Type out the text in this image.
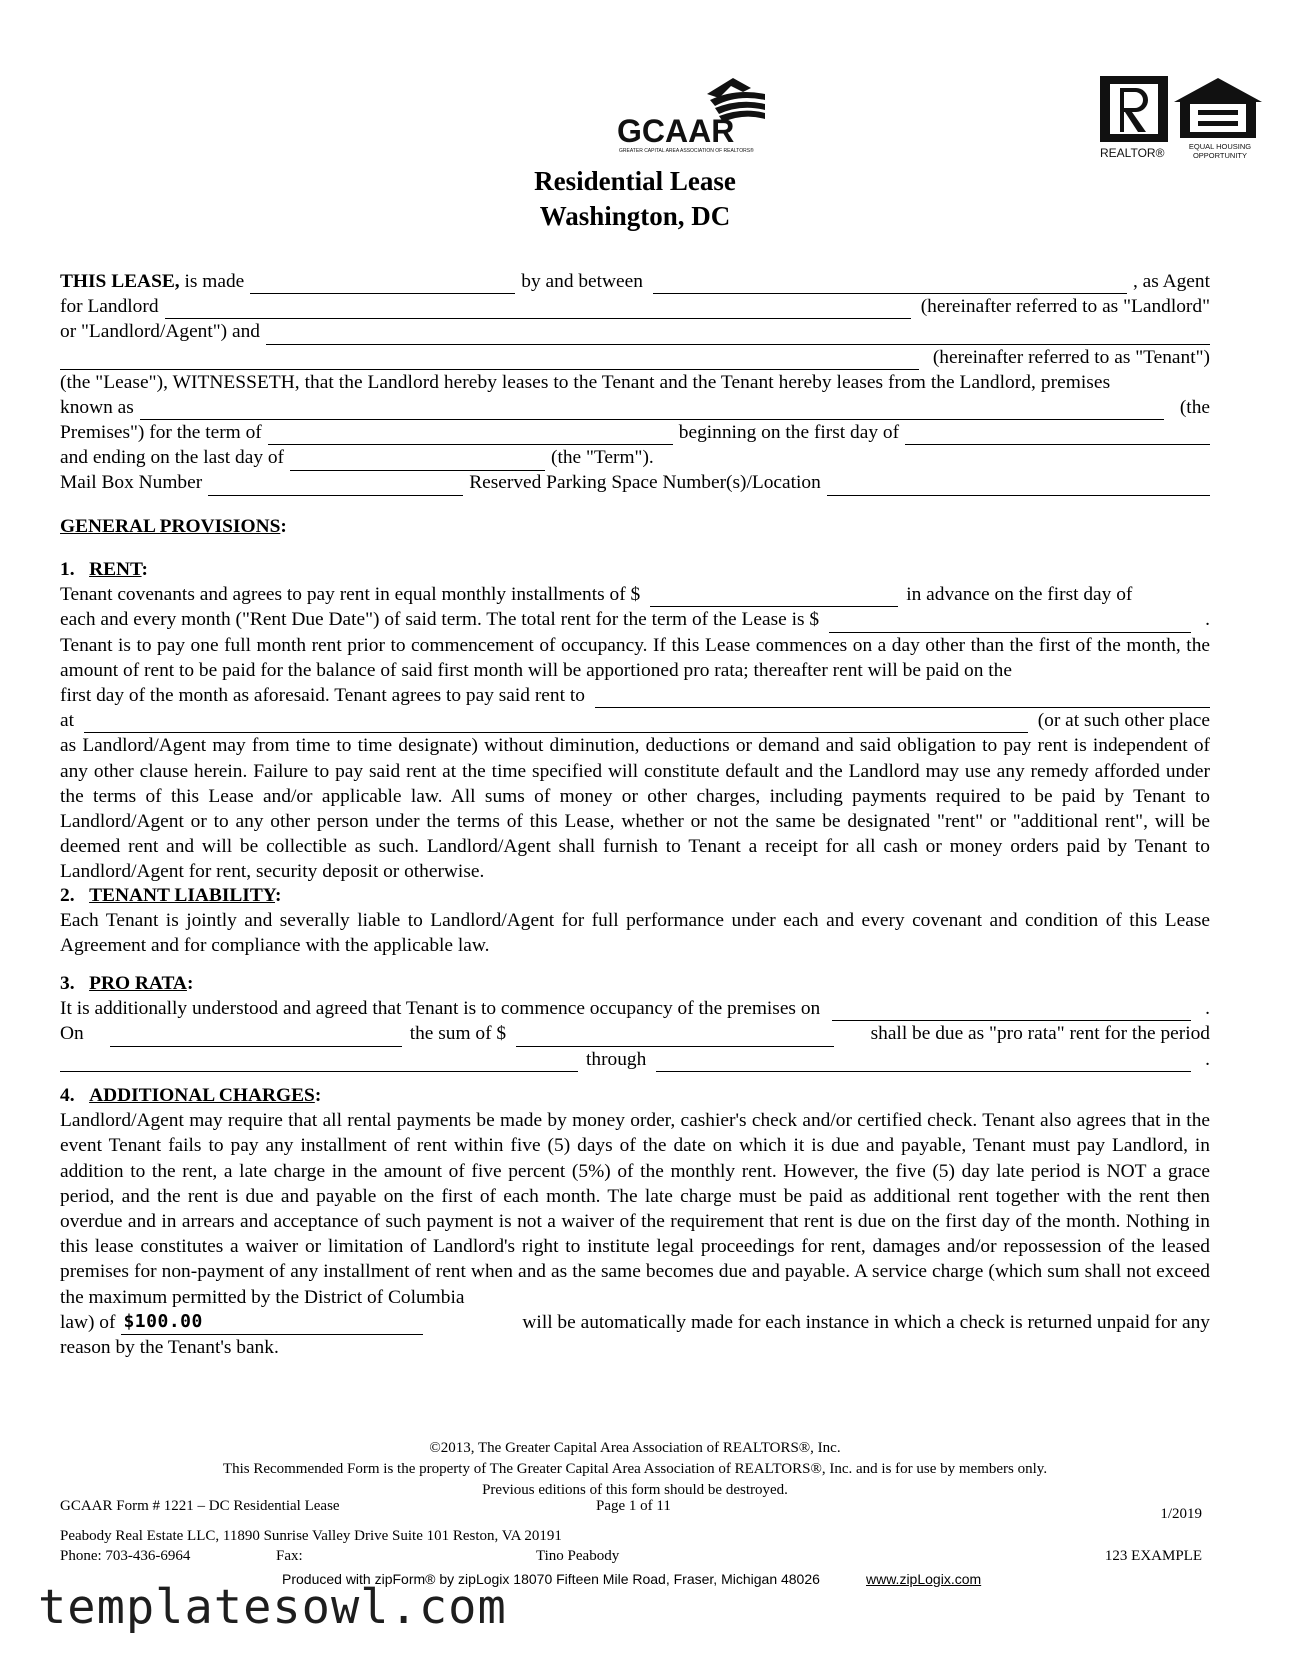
GCAAR
GREATER CAPITAL AREA ASSOCIATION OF REALTORS®	REALTOR®	EQUAL HOUSING
OPPORTUNITY
Residential Lease
Washington, DC
THIS LEASE,
is made	by and between	, as Agent
for Landlord	(hereinafter referred to as "Landlord"
or "Landlord/Agent") and
(hereinafter referred to as "Tenant")
(the "Lease"), WITNESSETH, that the Landlord hereby leases to the Tenant and the Tenant hereby leases from the Landlord, premises
known as	(the
Premises") for the term of	beginning on the first day of
and ending on the last day of	(the "Term").
Mail Box Number	Reserved Parking Space Number(s)/Location
GENERAL PROVISIONS:
1. RENT:
Tenant covenants and agrees to pay rent in equal monthly installments of $	in advance on the first day of
each and every month ("Rent Due Date") of said term. The total rent for the term of the Lease is $	.

Tenant is to pay one full month rent prior to commencement of occupancy. If this Lease commences on a day other than the first of the month, the amount of rent to be paid for the balance of said first month will be apportioned pro rata; thereafter rent will be paid on the

first day of the month as aforesaid. Tenant agrees to pay said rent to
at	(or at such other place

as Landlord/Agent may from time to time designate) without diminution, deductions or demand and said obligation to pay rent is independent of any other clause herein. Failure to pay said rent at the time specified will constitute default and the Landlord may use any remedy afforded under the terms of this Lease and/or applicable law. All sums of money or other charges, including payments required to be paid by Tenant to Landlord/Agent or to any other person under the terms of this Lease, whether or not the same be designated "rent" or "additional rent", will be deemed rent and will be collectible as such. Landlord/Agent shall furnish to Tenant a receipt for all cash or money orders paid by Tenant to Landlord/Agent for rent, security deposit or otherwise.

2. TENANT LIABILITY:

Each Tenant is jointly and severally liable to Landlord/Agent for full performance under each and every covenant and condition of this Lease Agreement and for compliance with the applicable law.

3. PRO RATA:
It is additionally understood and agreed that Tenant is to commence occupancy of the premises on	.
On	the sum of $	shall be due as "pro rata" rent for the period
through	.
4. ADDITIONAL CHARGES:

Landlord/Agent may require that all rental payments be made by money order, cashier's check and/or certified check. Tenant also agrees that in the event Tenant fails to pay any installment of rent within five (5) days of the date on which it is due and payable, Tenant must pay Landlord, in addition to the rent, a late charge in the amount of five percent (5%) of the monthly rent. However, the five (5) day late period is NOT a grace period, and the rent is due and payable on the first of each month. The late charge must be paid as additional rent together with the rent then overdue and in arrears and acceptance of such payment is not a waiver of the requirement that rent is due on the first day of the month. Nothing in this lease constitutes a waiver or limitation of Landlord's right to institute legal proceedings for rent, damages and/or repossession of the leased premises for non-payment of any installment of rent when and as the same becomes due and payable. A service charge (which sum shall not exceed the maximum permitted by the District of Columbia

law) of $100.00	will be automatically made for each instance in which a check is returned unpaid for any
reason by the Tenant's bank.
©2013, The Greater Capital Area Association of REALTORS®, Inc.
This Recommended Form is the property of The Greater Capital Area Association of REALTORS®, Inc. and is for use by members only.
Previous editions of this form should be destroyed.
GCAAR Form # 1221 – DC Residential Lease	Page 1 of 11	1/2019
Peabody Real Estate LLC, 11890 Sunrise Valley Drive Suite 101 Reston, VA 20191
Phone: 703-436-6964	Fax:	Tino Peabody	123 EXAMPLE
Produced with zipForm® by zipLogix 18070 Fifteen Mile Road, Fraser, Michigan 48026	www.zipLogix.com
templatesowl.com
